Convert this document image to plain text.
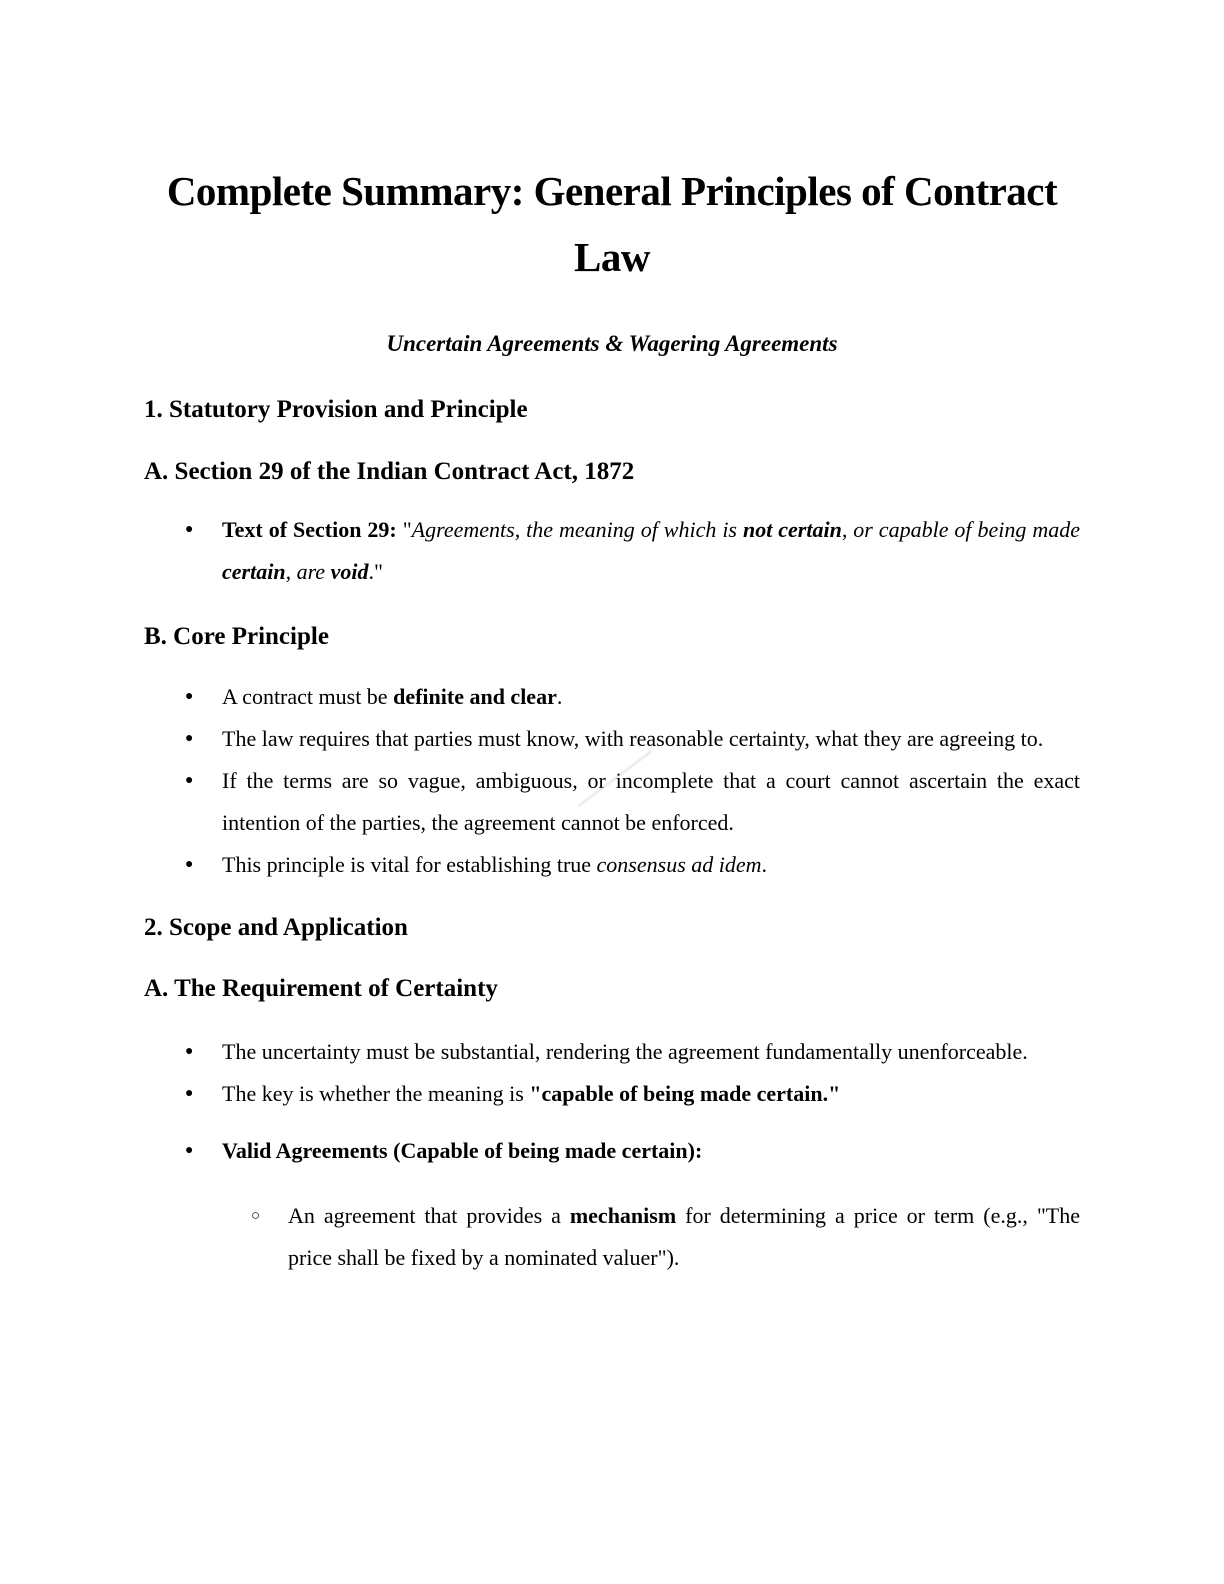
Complete Summary: General Principles of Contract
Law
Uncertain Agreements & Wagering Agreements
1. Statutory Provision and Principle
A. Section 29 of the Indian Contract Act, 1872
● Text of Section 29: "Agreements, the meaning of which is not certain, or capable of being made certain, are void."
B. Core Principle
● A contract must be definite and clear.
● The law requires that parties must know, with reasonable certainty, what they are agreeing to.
● If the terms are so vague, ambiguous, or incomplete that a court cannot ascertain the exact intention of the parties, the agreement cannot be enforced.
● This principle is vital for establishing true consensus ad idem.
2. Scope and Application
A. The Requirement of Certainty
● The uncertainty must be substantial, rendering the agreement fundamentally unenforceable.
● The key is whether the meaning is "capable of being made certain."
● Valid Agreements (Capable of being made certain):
○ An agreement that provides a mechanism for determining a price or term (e.g., "The price shall be fixed by a nominated valuer").
